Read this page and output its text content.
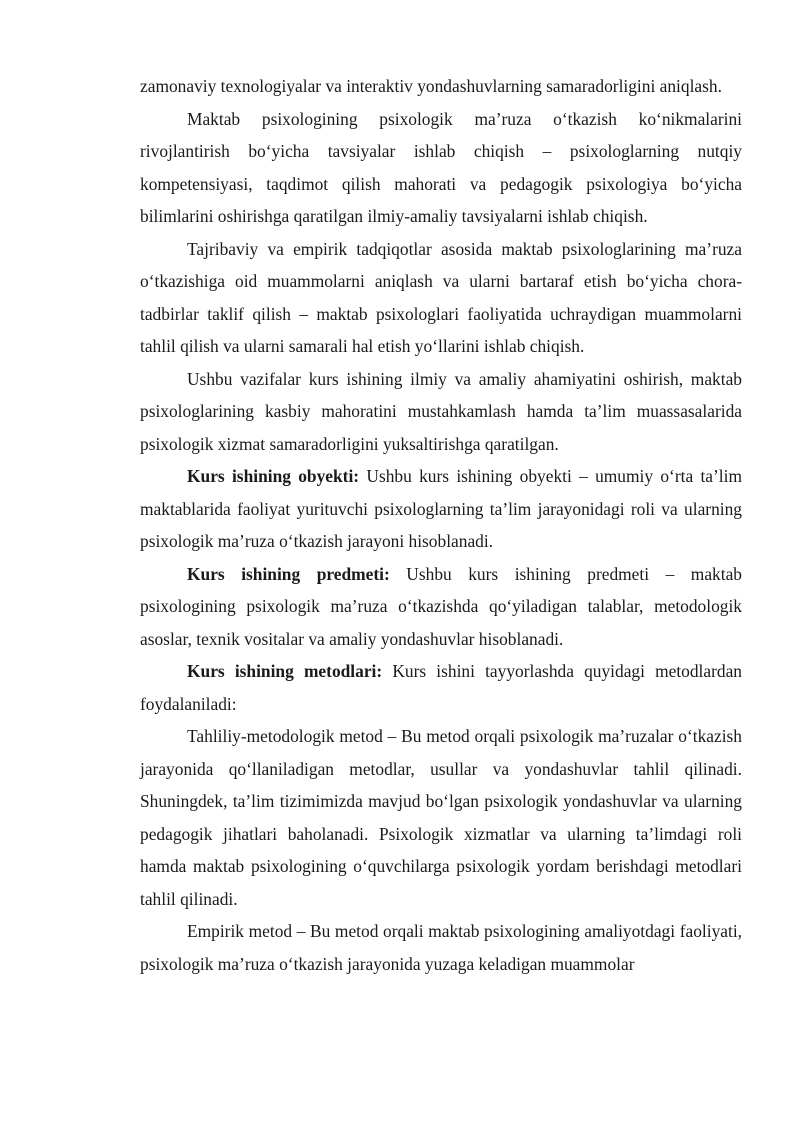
zamonaviy texnologiyalar va interaktiv yondashuvlarning samaradorligini aniqlash.

Maktab psixologining psixologik ma’ruza o‘tkazish ko‘nikmalarini rivojlantirish bo‘yicha tavsiyalar ishlab chiqish – psixologlarning nutqiy kompetensiyasi, taqdimot qilish mahorati va pedagogik psixologiya bo‘yicha bilimlarini oshirishga qaratilgan ilmiy-amaliy tavsiyalarni ishlab chiqish.

Tajribaviy va empirik tadqiqotlar asosida maktab psixologlarining ma’ruza o‘tkazishiga oid muammolarni aniqlash va ularni bartaraf etish bo‘yicha chora-tadbirlar taklif qilish – maktab psixologlari faoliyatida uchraydigan muammolarni tahlil qilish va ularni samarali hal etish yo‘llarini ishlab chiqish.

Ushbu vazifalar kurs ishining ilmiy va amaliy ahamiyatini oshirish, maktab psixologlarining kasbiy mahoratini mustahkamlash hamda ta’lim muassasalarida psixologik xizmat samaradorligini yuksaltirishga qaratilgan.

Kurs ishining obyekti: Ushbu kurs ishining obyekti – umumiy o‘rta ta’lim maktablarida faoliyat yurituvchi psixologlarning ta’lim jarayonidagi roli va ularning psixologik ma’ruza o‘tkazish jarayoni hisoblanadi.

Kurs ishining predmeti: Ushbu kurs ishining predmeti – maktab psixologining psixologik ma’ruza o‘tkazishda qo‘yiladigan talablar, metodologik asoslar, texnik vositalar va amaliy yondashuvlar hisoblanadi.

Kurs ishining metodlari: Kurs ishini tayyorlashda quyidagi metodlardan foydalaniladi:

Tahliliy-metodologik metod – Bu metod orqali psixologik ma’ruzalar o‘tkazish jarayonida qo‘llaniladigan metodlar, usullar va yondashuvlar tahlil qilinadi. Shuningdek, ta’lim tizimimizda mavjud bo‘lgan psixologik yondashuvlar va ularning pedagogik jihatlari baholanadi. Psixologik xizmatlar va ularning ta’limdagi roli hamda maktab psixologining o‘quvchilarga psixologik yordam berishdagi metodlari tahlil qilinadi.

Empirik metod – Bu metod orqali maktab psixologining amaliyotdagi faoliyati, psixologik ma’ruza o‘tkazish jarayonida yuzaga keladigan muammolar
